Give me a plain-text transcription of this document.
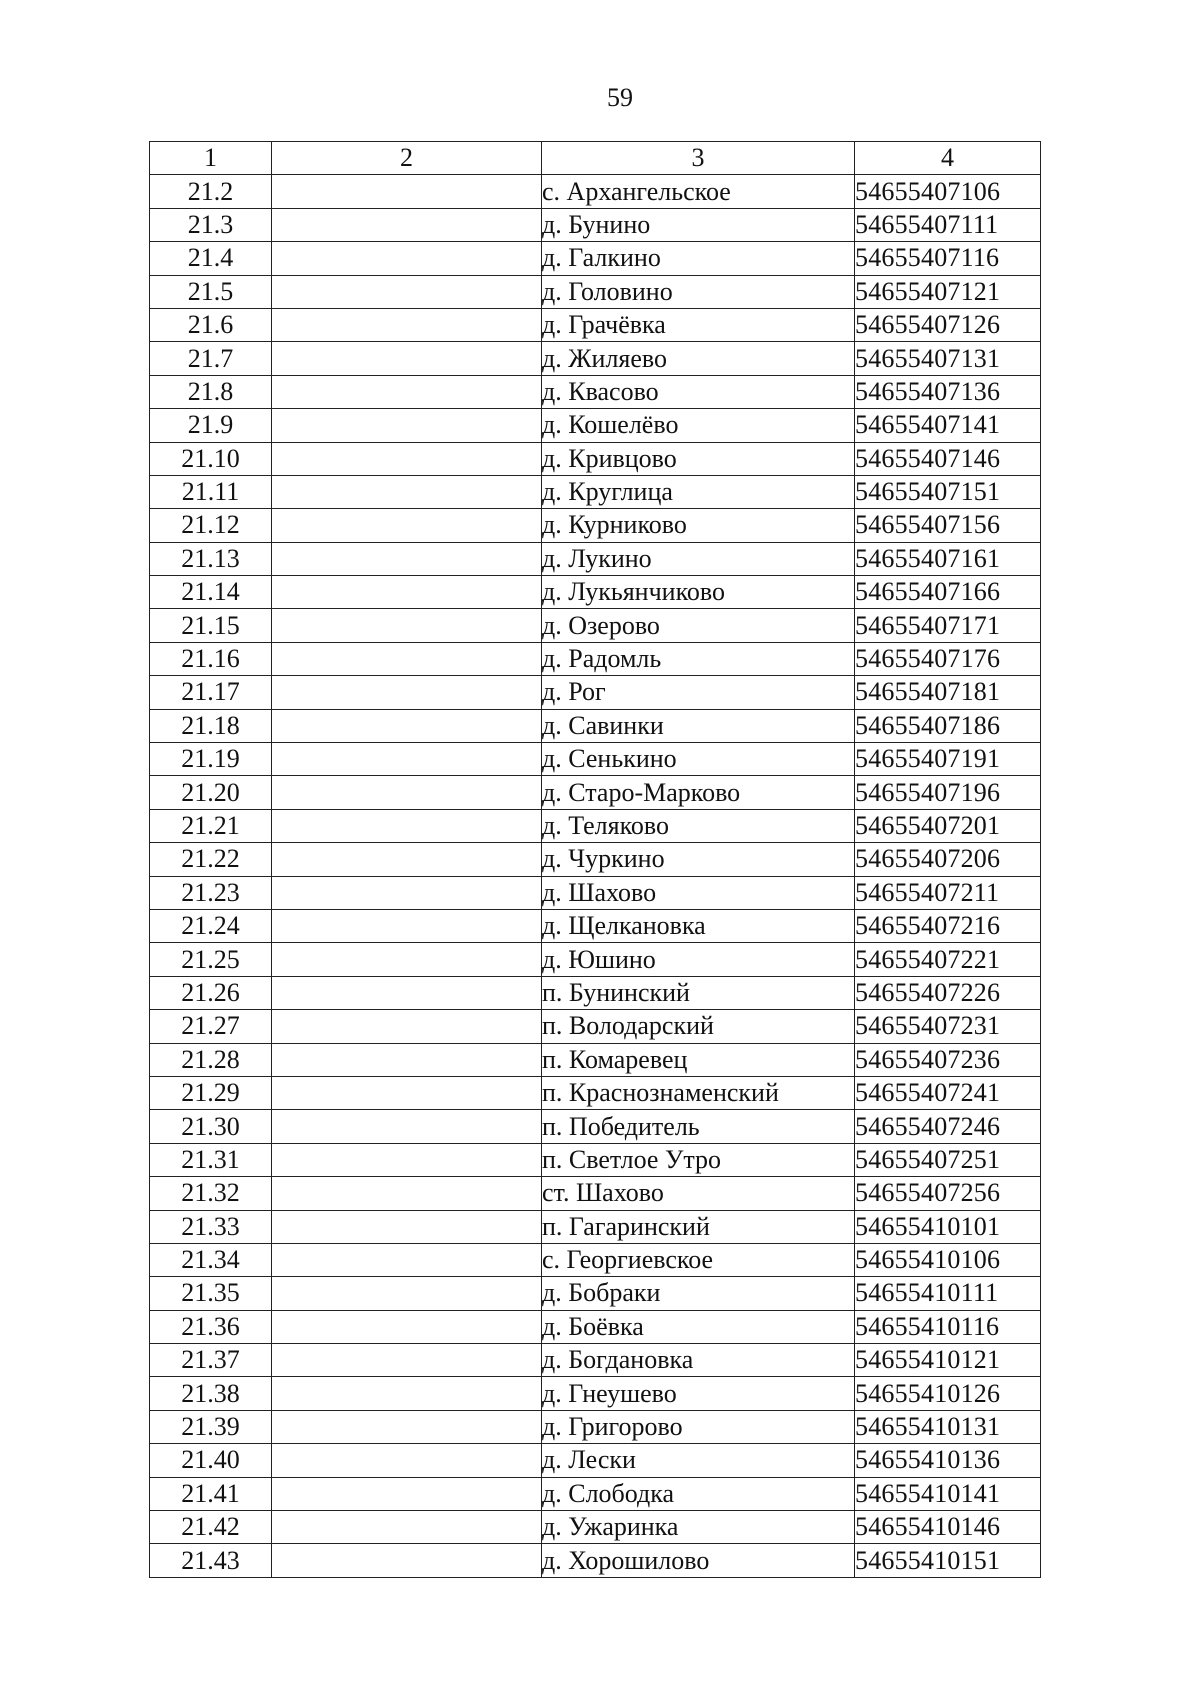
59
1	2	3	4
21.2		с. Архангельское	54655407106
21.3		д. Бунино	54655407111
21.4		д. Галкино	54655407116
21.5		д. Головино	54655407121
21.6		д. Грачёвка	54655407126
21.7		д. Жиляево	54655407131
21.8		д. Квасово	54655407136
21.9		д. Кошелёво	54655407141
21.10		д. Кривцово	54655407146
21.11		д. Круглица	54655407151
21.12		д. Курниково	54655407156
21.13		д. Лукино	54655407161
21.14		д. Лукьянчиково	54655407166
21.15		д. Озерово	54655407171
21.16		д. Радомль	54655407176
21.17		д. Рог	54655407181
21.18		д. Савинки	54655407186
21.19		д. Сенькино	54655407191
21.20		д. Старо-Марково	54655407196
21.21		д. Теляково	54655407201
21.22		д. Чуркино	54655407206
21.23		д. Шахово	54655407211
21.24		д. Щелкановка	54655407216
21.25		д. Юшино	54655407221
21.26		п. Бунинский	54655407226
21.27		п. Володарский	54655407231
21.28		п. Комаревец	54655407236
21.29		п. Краснознаменский	54655407241
21.30		п. Победитель	54655407246
21.31		п. Светлое Утро	54655407251
21.32		ст. Шахово	54655407256
21.33		п. Гагаринский	54655410101
21.34		с. Георгиевское	54655410106
21.35		д. Бобраки	54655410111
21.36		д. Боёвка	54655410116
21.37		д. Богдановка	54655410121
21.38		д. Гнеушево	54655410126
21.39		д. Григорово	54655410131
21.40		д. Лески	54655410136
21.41		д. Слободка	54655410141
21.42		д. Ужаринка	54655410146
21.43		д. Хорошилово	54655410151
